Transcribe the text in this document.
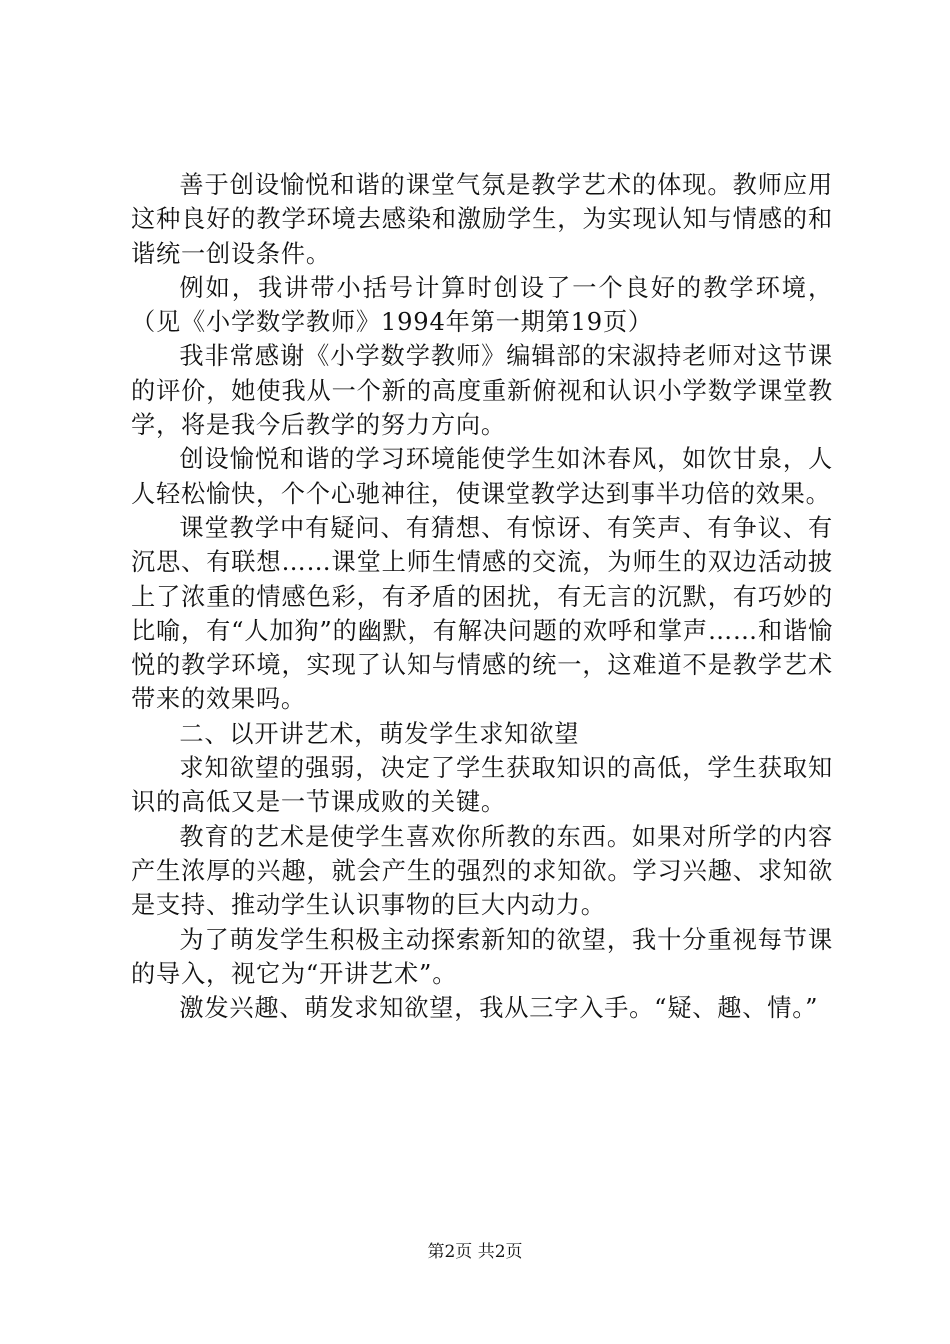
善于创设愉悦和谐的课堂气氛是教学艺术的体现。教师应用这种良好的教学环境去感染和激励学生，为实现认知与情感的和谐统一创设条件。

例如，我讲带小括号计算时创设了一个良好的教学环境，（见《小学数学教师》1994年第一期第19页）

我非常感谢《小学数学教师》编辑部的宋淑持老师对这节课的评价，她使我从一个新的高度重新俯视和认识小学数学课堂教学，将是我今后教学的努力方向。

创设愉悦和谐的学习环境能使学生如沐春风，如饮甘泉，人人轻松愉快，个个心驰神往，使课堂教学达到事半功倍的效果。

课堂教学中有疑问、有猜想、有惊讶、有笑声、有争议、有沉思、有联想……课堂上师生情感的交流，为师生的双边活动披上了浓重的情感色彩，有矛盾的困扰，有无言的沉默，有巧妙的比喻，有“人加狗”的幽默，有解决问题的欢呼和掌声……和谐愉悦的教学环境，实现了认知与情感的统一，这难道不是教学艺术带来的效果吗。

二、以开讲艺术，萌发学生求知欲望

求知欲望的强弱，决定了学生获取知识的高低，学生获取知识的高低又是一节课成败的关键。

教育的艺术是使学生喜欢你所教的东西。如果对所学的内容产生浓厚的兴趣，就会产生的强烈的求知欲。学习兴趣、求知欲是支持、推动学生认识事物的巨大内动力。

为了萌发学生积极主动探索新知的欲望，我十分重视每节课的导入，视它为“开讲艺术”。

激发兴趣、萌发求知欲望，我从三字入手。“疑、趣、情。”

第2页 共2页
